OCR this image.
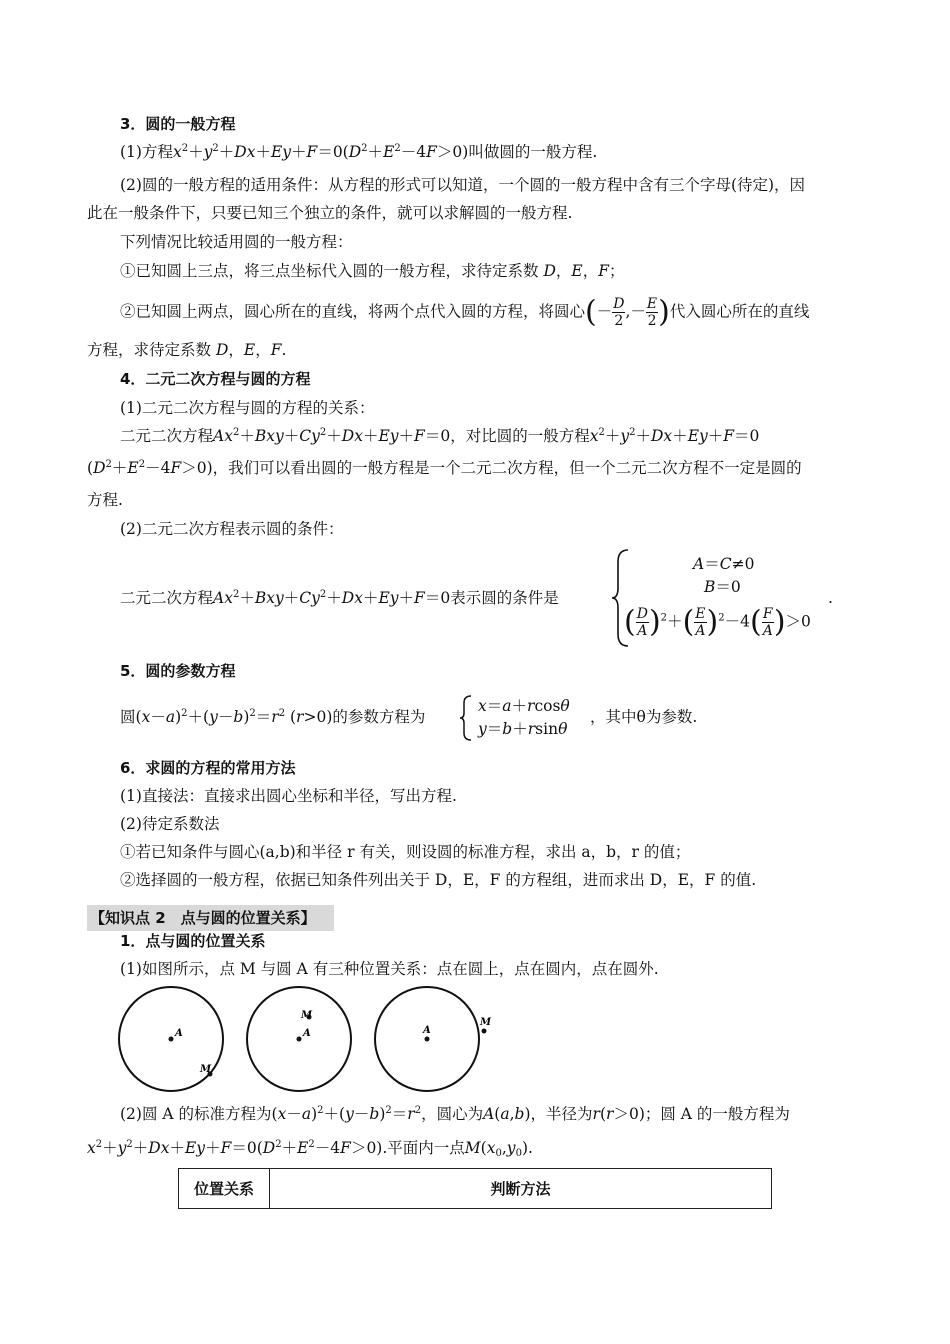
3．圆的一般方程
(1)方程$x^2+y^2+Dx+Ey+F=0(D^2+E^2-4F>0)$叫做圆的一般方程.
(2)圆的一般方程的适用条件：从方程的形式可以知道，一个圆的一般方程中含有三个字母(待定)，因
此在一般条件下，只要已知三个独立的条件，就可以求解圆的一般方程.
下列情况比较适用圆的一般方程：
①已知圆上三点，将三点坐标代入圆的一般方程，求待定系数 D，E，F；
②已知圆上两点，圆心所在的直线，将两个点代入圆的方程，将圆心(－ $\frac{D}{2}$ ,－ $\frac{E}{2}$ )代入圆心所在的直线
方程，求待定系数 D，E，F.
4．二元二次方程与圆的方程
(1)二元二次方程与圆的方程的关系：
二元二次方程$Ax^2+Bxy+Cy^2+Dx+Ey+F=0$，对比圆的一般方程$x^2+y^2+Dx+Ey+F=0$
$(D^2+E^2-4F>0)$，我们可以看出圆的一般方程是一个二元二次方程，但一个二元二次方程不一定是圆的
方程.
(2)二元二次方程表示圆的条件：
二元二次方程$Ax^2+Bxy+Cy^2+Dx+Ey+F=0$表示圆的条件是
A＝C≠0
B＝0
( $\frac{D}{A} )^2+( \frac{E}{A} )^2-4( \frac{F}{A} )>0$
.
5．圆的参数方程
圆$(x-a)^2+(y-b)^2=r^2$ (r>0)的参数方程为
x＝a＋rcosθ
y＝b＋rsinθ
，其中θ为参数.
6．求圆的方程的常用方法
(1)直接法：直接求出圆心坐标和半径，写出方程.
(2)待定系数法
①若已知条件与圆心(a,b)和半径 r 有关，则设圆的标准方程，求出 a，b，r 的值；
②选择圆的一般方程，依据已知条件列出关于 D，E，F 的方程组，进而求出 D，E，F 的值.
【知识点 2　点与圆的位置关系】
1．点与圆的位置关系
(1)如图所示，点 M 与圆 A 有三种位置关系：点在圆上，点在圆内，点在圆外.
A
M
A
M
A
M
(2)圆 A 的标准方程为$(x-a)^2+(y-b)^2=r^2$，圆心为A(a,b)，半径为r(r＞0)；圆 A 的一般方程为
$x^2+y^2+Dx+Ey+F=0(D^2+E^2-4F>0)$.平面内一点$M(x_0,y_0)$.
位置关系	判断方法
